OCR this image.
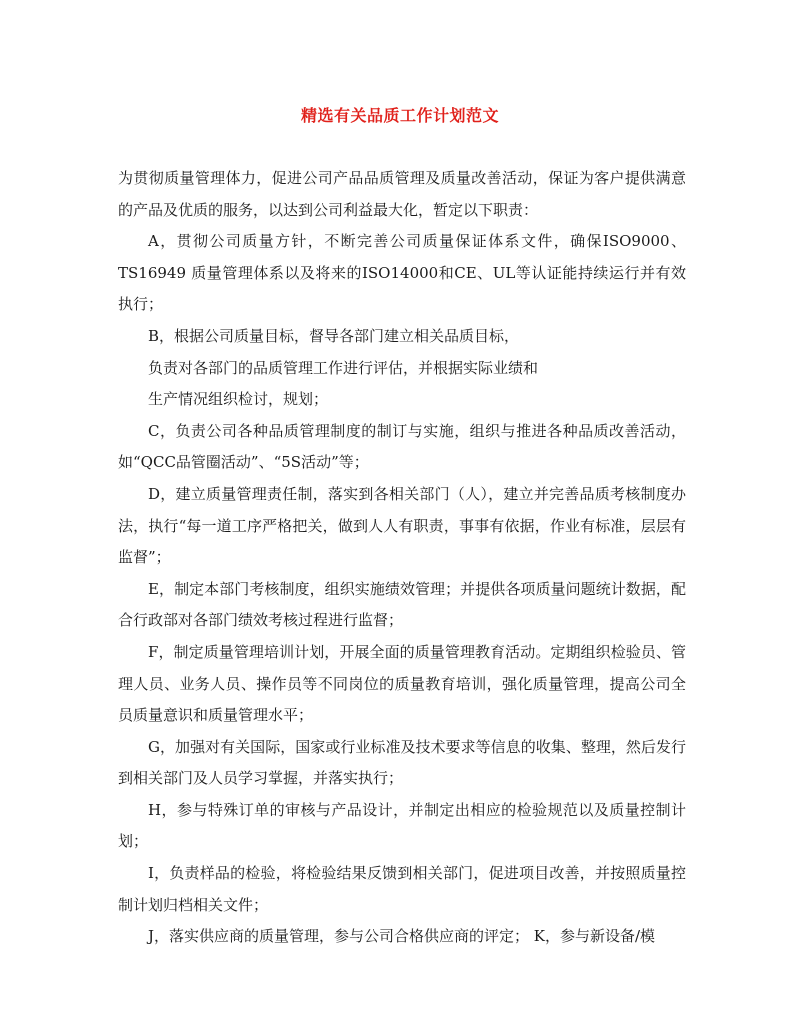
精选有关品质工作计划范文

为贯彻质量管理体力，促进公司产品品质管理及质量改善活动，保证为客户提供满意的产品及优质的服务，以达到公司利益最大化，暂定以下职责：

A，贯彻公司质量方针，不断完善公司质量保证体系文件，确保ISO9000、TS16949 质量管理体系以及将来的ISO14000和CE、UL等认证能持续运行并有效执行；

B，根据公司质量目标，督导各部门建立相关品质目标，

负责对各部门的品质管理工作进行评估，并根据实际业绩和

生产情况组织检讨，规划；

C，负责公司各种品质管理制度的制订与实施，组织与推进各种品质改善活动，如“QCC品管圈活动”、“5S活动”等；

D，建立质量管理责任制，落实到各相关部门（人），建立并完善品质考核制度办法，执行“每一道工序严格把关，做到人人有职责，事事有依据，作业有标准，层层有监督”；

E，制定本部门考核制度，组织实施绩效管理；并提供各项质量问题统计数据，配合行政部对各部门绩效考核过程进行监督；

F，制定质量管理培训计划，开展全面的质量管理教育活动。定期组织检验员、管理人员、业务人员、操作员等不同岗位的质量教育培训，强化质量管理，提高公司全员质量意识和质量管理水平；

G，加强对有关国际，国家或行业标准及技术要求等信息的收集、整理，然后发行到相关部门及人员学习掌握，并落实执行；

H，参与特殊订单的审核与产品设计，并制定出相应的检验规范以及质量控制计划；

I，负责样品的检验，将检验结果反馈到相关部门，促进项目改善，并按照质量控制计划归档相关文件；

J，落实供应商的质量管理，参与公司合格供应商的评定； K，参与新设备/模
